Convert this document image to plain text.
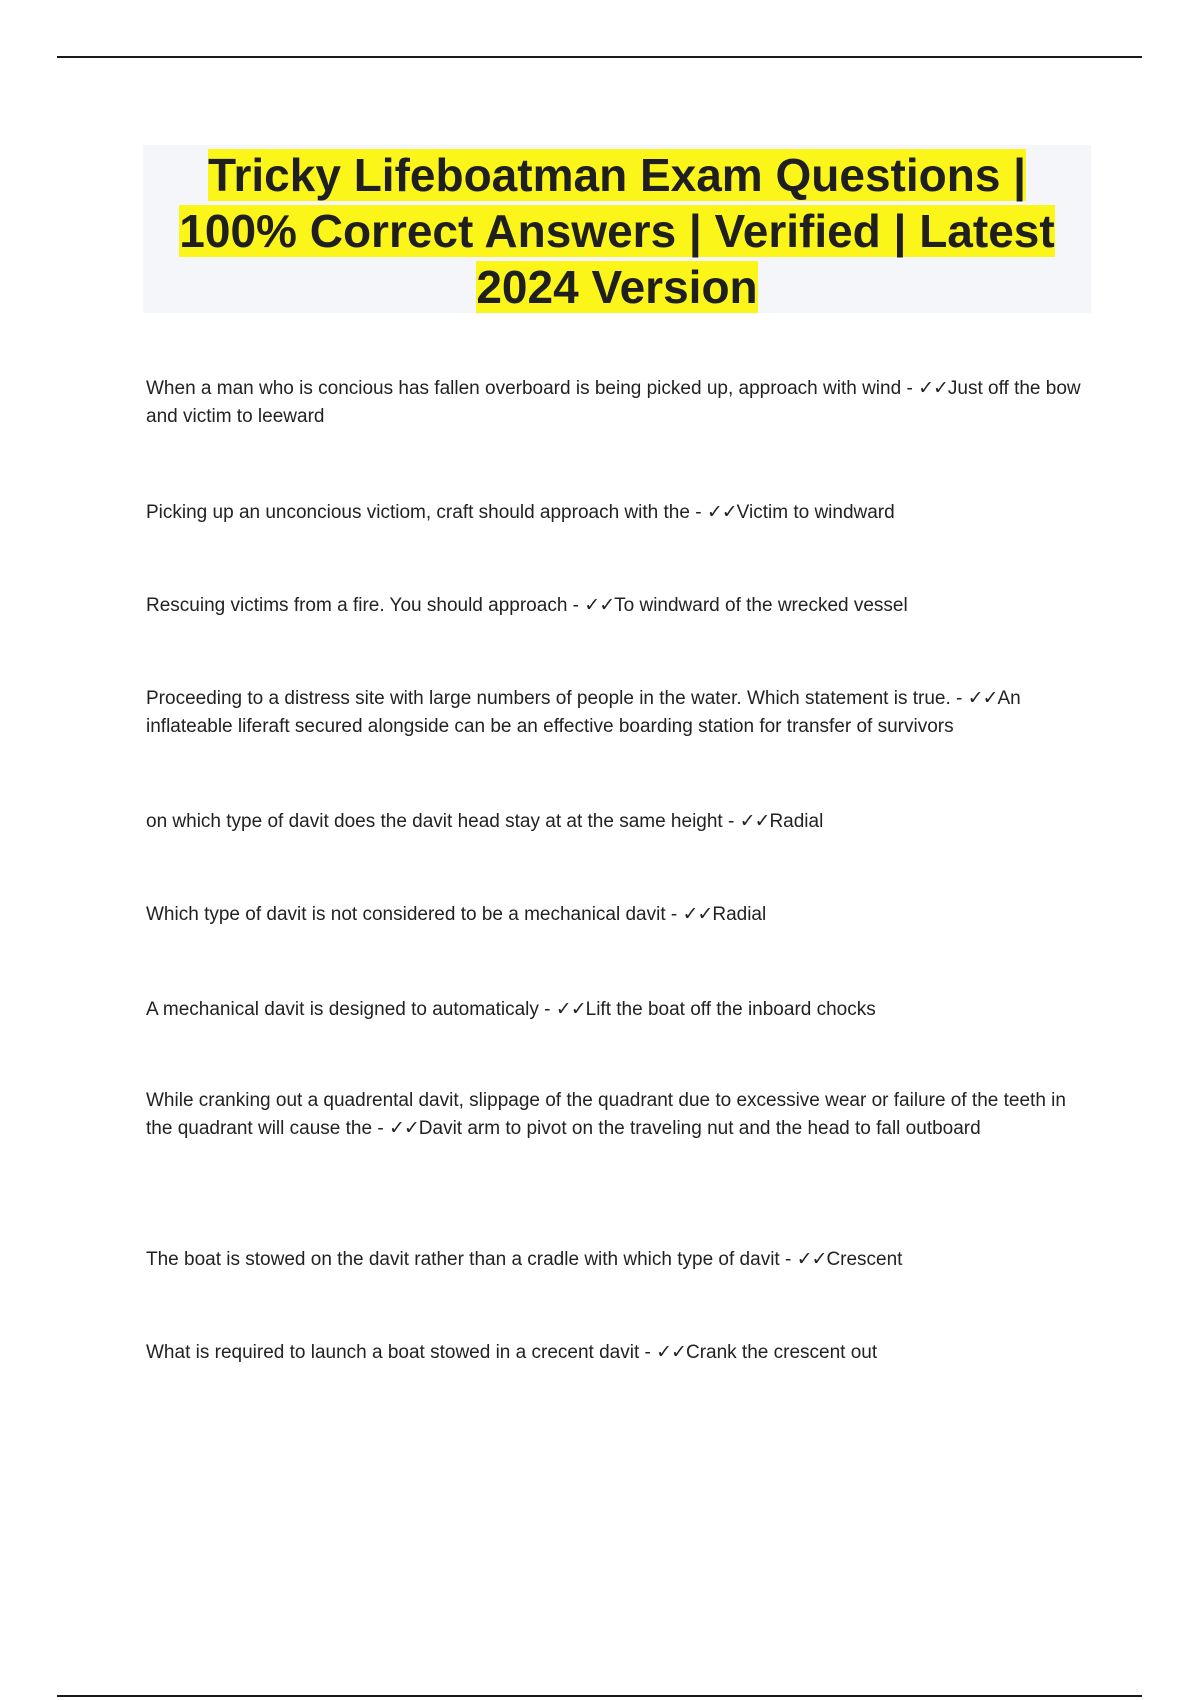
Tricky Lifeboatman Exam Questions | 100% Correct Answers | Verified | Latest 2024 Version

When a man who is concious has fallen overboard is being picked up, approach with wind - ✓✓Just off the bow and victim to leeward

Picking up an unconcious victiom, craft should approach with the - ✓✓Victim to windward

Rescuing victims from a fire. You should approach - ✓✓To windward of the wrecked vessel

Proceeding to a distress site with large numbers of people in the water. Which statement is true. - ✓✓An inflateable liferaft secured alongside can be an effective boarding station for transfer of survivors

on which type of davit does the davit head stay at at the same height - ✓✓Radial

Which type of davit is not considered to be a mechanical davit - ✓✓Radial

A mechanical davit is designed to automaticaly - ✓✓Lift the boat off the inboard chocks

While cranking out a quadrental davit, slippage of the quadrant due to excessive wear or failure of the teeth in the quadrant will cause the - ✓✓Davit arm to pivot on the traveling nut and the head to fall outboard

The boat is stowed on the davit rather than a cradle with which type of davit - ✓✓Crescent

What is required to launch a boat stowed in a crecent davit - ✓✓Crank the crescent out
